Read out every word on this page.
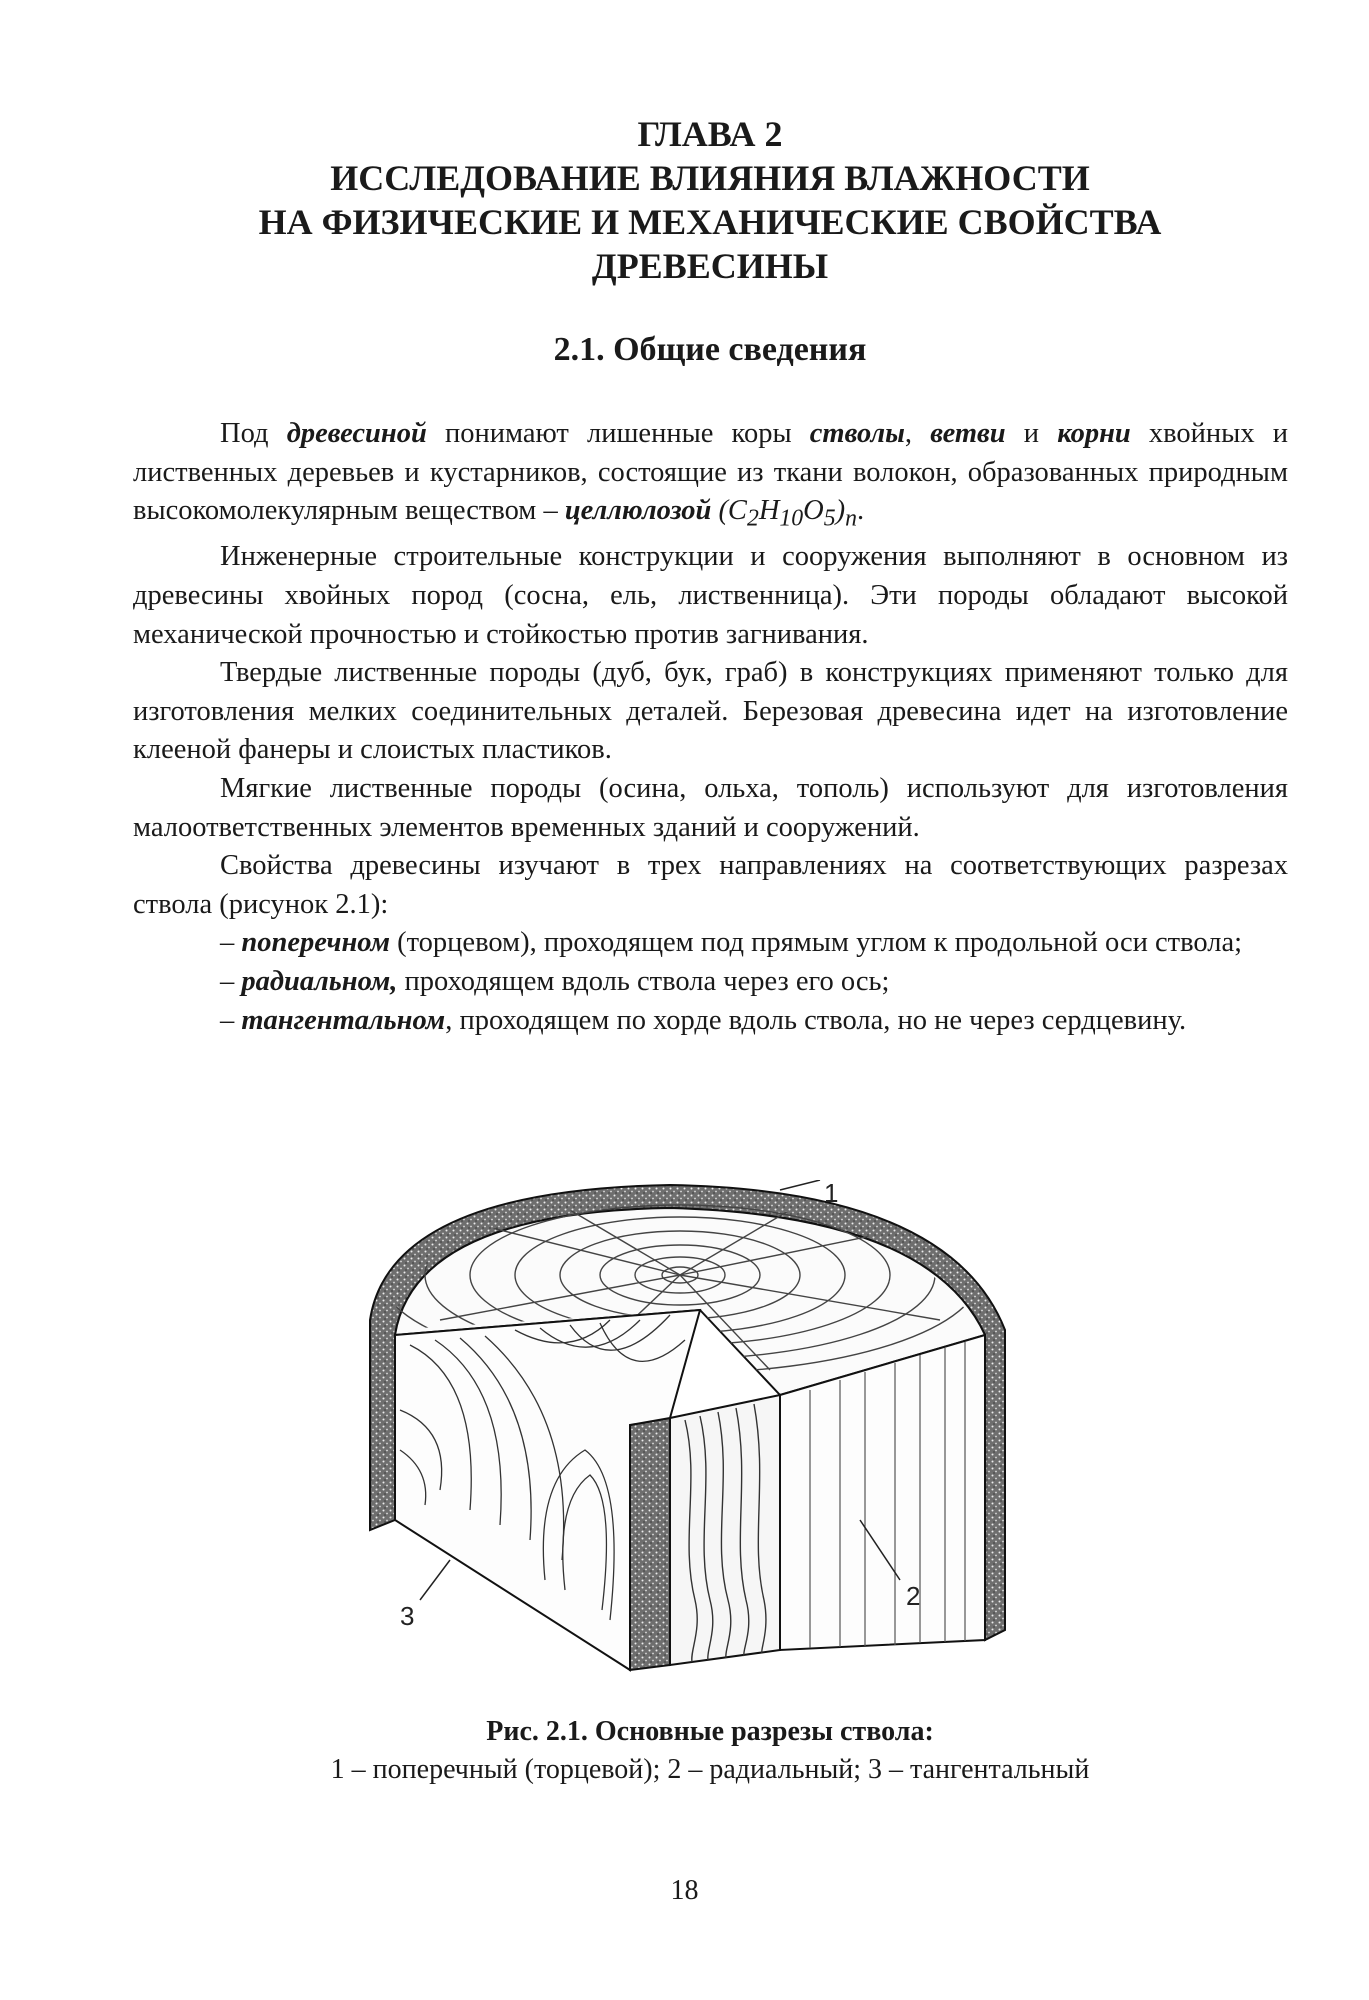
ГЛАВА 2
ИССЛЕДОВАНИЕ ВЛИЯНИЯ ВЛАЖНОСТИ
НА ФИЗИЧЕСКИЕ И МЕХАНИЧЕСКИЕ СВОЙСТВА
ДРЕВЕСИНЫ
2.1. Общие сведения

Под древесиной понимают лишенные коры стволы, ветви и корни хвойных и лиственных деревьев и кустарников, состоящие из ткани волокон, образованных природным высокомолекулярным веществом – целлюлозой $(C_2H_{10}O_5)_n$.

Инженерные строительные конструкции и сооружения выполняют в основном из древесины хвойных пород (сосна, ель, лиственница). Эти породы обладают высокой механической прочностью и стойкостью против загнивания.

Твердые лиственные породы (дуб, бук, граб) в конструкциях применяют только для изготовления мелких соединительных деталей. Березовая древесина идет на изготовление клееной фанеры и слоистых пластиков.

Мягкие лиственные породы (осина, ольха, тополь) используют для изготовления малоответственных элементов временных зданий и сооружений.

Свойства древесины изучают в трех направлениях на соответствующих разрезах ствола (рисунок 2.1):

– поперечном (торцевом), проходящем под прямым углом к продольной оси ствола;

– радиальном, проходящем вдоль ствола через его ось;

– тангентальном, проходящем по хорде вдоль ствола, но не через сердцевину.

1
2
3
Рис. 2.1. Основные разрезы ствола:
1 – поперечный (торцевой); 2 – радиальный; 3 – тангентальный
18
